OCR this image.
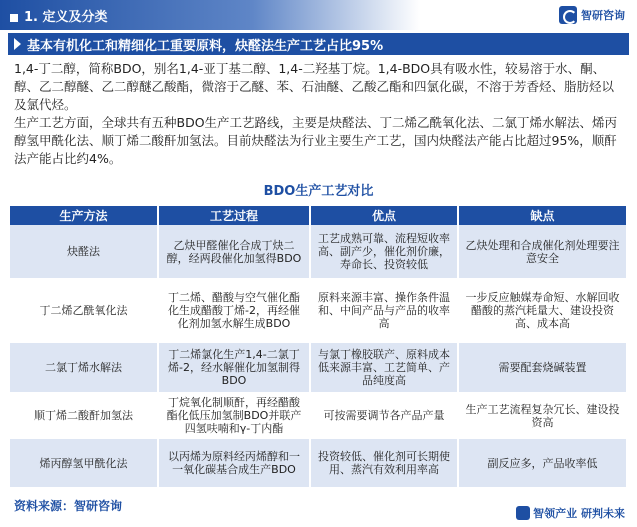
1. 定义及分类	智研咨询
基本有机化工和精细化工重要原料，炔醛法生产工艺占比95%

1,4-丁二醇，简称BDO，别名1,4-亚丁基二醇、1,4-二羟基丁烷。1,4-BDO具有吸水性，较易溶于水、酮、醇、乙二醇醚、乙二醇醚乙酸酯，微溶于乙醚、苯、石油醚、乙酸乙酯和四氯化碳，不溶于芳香烃、脂肪烃以及氯代烃。

生产工艺方面，全球共有五种BDO生产工艺路线，主要是炔醛法、丁二烯乙酰氧化法、二氯丁烯水解法、烯丙醇氢甲酰化法、顺丁烯二酸酐加氢法。目前炔醛法为行业主要生产工艺，国内炔醛法产能占比超过95%，顺酐法产能占比约4%。

BDO生产工艺对比
生产方法	工艺过程	优点	缺点
炔醛法	乙炔甲醛催化合成丁炔二醇，经两段催化加氢得BDO	工艺成熟可靠、流程短收率高、副产少，催化剂价廉，寿命长、投资较低	乙炔处理和合成催化剂处理要注意安全
丁二烯乙酰氧化法	丁二烯、醋酸与空气催化酯化生成醋酸丁烯-2，再经催化剂加氢水解生成BDO	原料来源丰富、操作条件温和、中间产品与产品的收率高	一步反应触媒寿命短、水解回收醋酸的蒸汽耗量大、建设投资高、成本高
二氯丁烯水解法	丁二烯氯化生产1,4-二氯丁烯-2，经水解催化加氢制得BDO	与氯丁橡胶联产、原料成本低来源丰富、工艺简单、产品纯度高	需要配套烧碱装置
顺丁烯二酸酐加氢法	丁烷氧化制顺酐，再经醋酸酯化低压加氢制BDO并联产四氢呋喃和γ-丁内酯	可按需要调节各产品产量	生产工艺流程复杂冗长、建设投资高
烯丙醇氢甲酰化法	以丙烯为原料经丙烯醇和一一氧化碳基合成生产BDO	投资较低、催化剂可长期使用、蒸汽有效利用率高	副反应多，产品收率低
资料来源：智研咨询
智领产业 研判未来
